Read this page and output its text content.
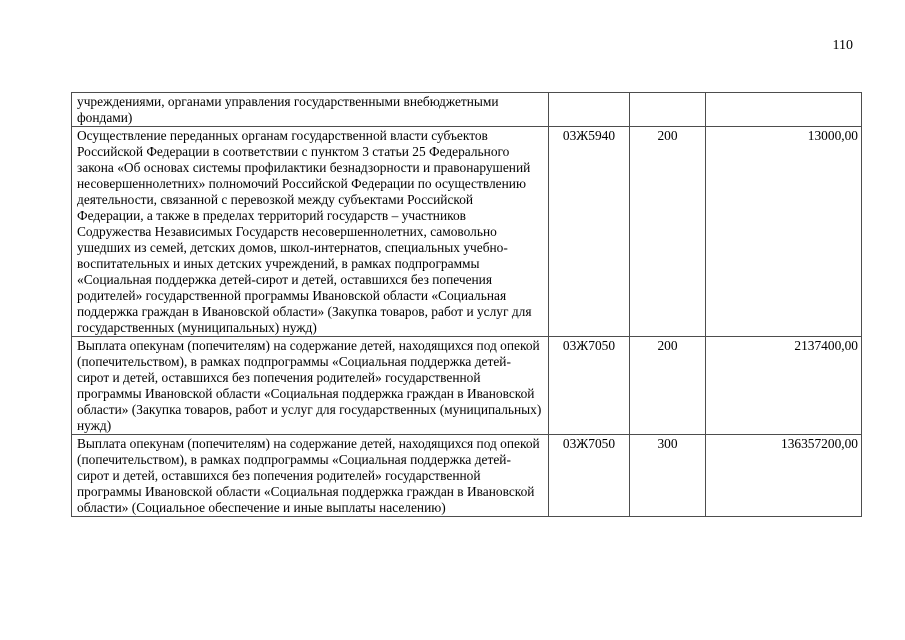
110
учреждениями, органами управления государственными внебюджетными фондами)			
Осуществление переданных органам государственной власти субъектов Российской Федерации в соответствии с пунктом 3 статьи 25 Федерального закона «Об основах системы профилактики безнадзорности и правонарушений несовершеннолетних» полномочий Российской Федерации по осуществлению деятельности, связанной с перевозкой между субъектами Российской Федерации, а также в пределах территорий государств – участников Содружества Независимых Государств несовершеннолетних, самовольно ушедших из семей, детских домов, школ-интернатов, специальных учебно-воспитательных и иных детских учреждений, в рамках подпрограммы «Социальная поддержка детей-сирот и детей, оставшихся без попечения родителей» государственной программы Ивановской области «Социальная поддержка граждан в Ивановской области» (Закупка товаров, работ и услуг для государственных (муниципальных) нужд)	03Ж5940	200	13000,00
Выплата опекунам (попечителям) на содержание детей, находящихся под опекой (попечительством), в рамках подпрограммы «Социальная поддержка детей-сирот и детей, оставшихся без попечения родителей» государственной программы Ивановской области «Социальная поддержка граждан в Ивановской области» (Закупка товаров, работ и услуг для государственных (муниципальных) нужд)	03Ж7050	200	2137400,00
Выплата опекунам (попечителям) на содержание детей, находящихся под опекой (попечительством), в рамках подпрограммы «Социальная поддержка детей-сирот и детей, оставшихся без попечения родителей» государственной программы Ивановской области «Социальная поддержка граждан в Ивановской области» (Социальное обеспечение и иные выплаты населению)	03Ж7050	300	136357200,00
